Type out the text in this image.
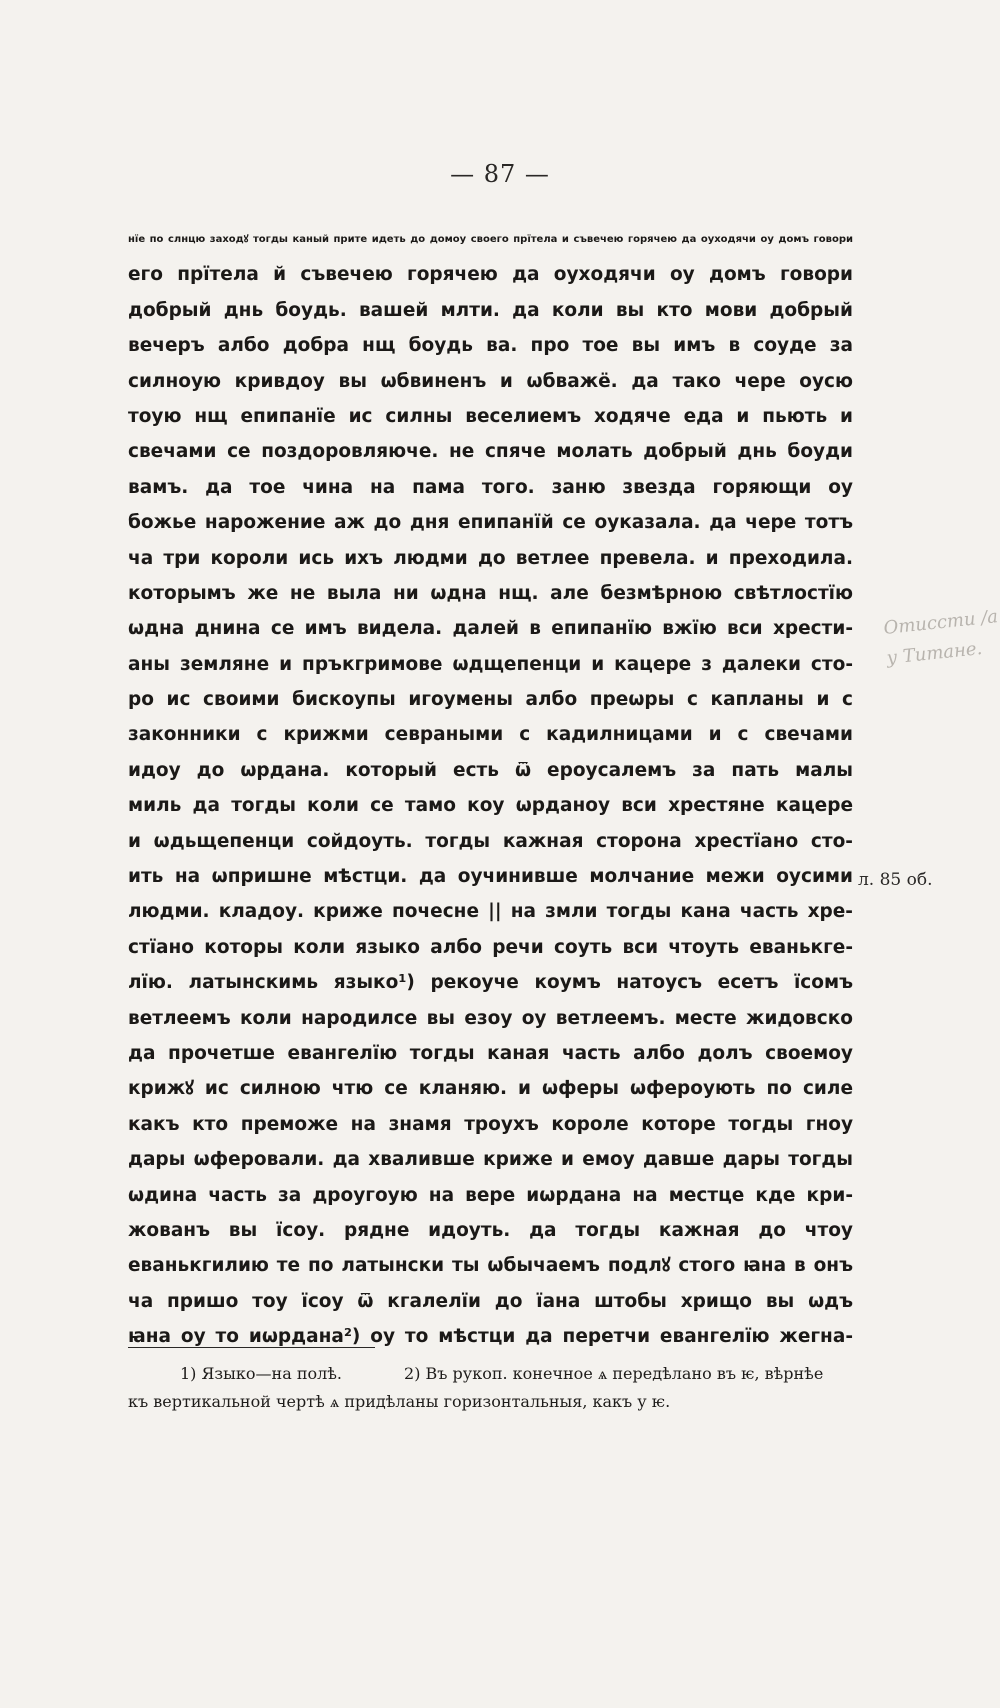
— 87 —
нїе по слнцю заходꙋ тогды каный прите идеть до домоу своего прїтела и съвечею горячею да оуходячи оу домъ говори
его прїтела й съвечею горячею да оуходячи оу домъ говори
добрый днь боудь. вашей млти. да коли вы кто мови добрый
вечеръ албо добра нщ боудь ва. про тое вы имъ в соуде за
силноую кривдоу вы ѡбвиненъ и ѡбважё. да тако чере оусю
тоую нщ епипанїе ис силны веселиемъ ходяче еда и пьють и
свечами се поздоровляюче. не спяче молать добрый днь боуди
вамъ. да тое чина на пама того. заню звезда горяющи оу
божье нарожение аж до дня епипанїй се оуказала. да чере тотъ
ча три короли ись ихъ людми до ветлее превела. и преходила.
которымъ же не выла ни ѡдна нщ. але безмѣрною свѣтлостїю
ѡдна днина се имъ видела. далей в епипанїю вжїю вси хрести-
аны земляне и пръкгримове ѡдщепенци и кацере з далеки сто-
ро ис своими бискоупы игоумены албо преѡры с капланы и с
законники с крижми севраными с кадилницами и с свечами
идоу до ѡрдана. который есть ѿ ероусалемъ за пать малы
миль да тогды коли се тамо коу ѡрданоу вси хрестяне кацере
и ѡдьщепенци сойдоуть. тогды кажная сторона хрестїано сто-
ить на ѡпришне мѣстци. да оучинивше молчание межи оусими
людми. кладоу. криже почесне || на змли тогды кана часть хре-
стїано которы коли языко албо речи соуть вси чтоуть еванькге-
лїю. латынскимь языко¹) рекоуче коумъ натоусъ есетъ їсомъ
ветлеемъ коли народилсе вы езоу оу ветлеемъ. месте жидовско
да прочетше евангелїю тогды каная часть албо долъ своемоу
крижꙋ ис силною чтю се кланяю. и ѡферы ѡфероують по силе
какъ кто преможе на знамя троухъ короле которе тогды гноу
дары ѡферовали. да хваливше криже и емоу давше дары тогды
ѡдина часть за дроугоую на вере иѡрдана на местце кде кри-
жованъ вы їсоу. рядне идоуть. да тогды кажная до чтоу
еванькгилию те по латынски ты ѡбычаемъ подлꙋ стого ꙗна в онъ
ча пришо тоу їсоу ѿ кгалелїи до їана штобы хрищо вы ѡдъ
ꙗна оу то иѡрдана²) оу то мѣстци да перетчи евангелїю жегна-
Отиссти /а
у Титане.
л. 85 об.
1) Языко—на полѣ.	2) Въ рукоп. конечное ѧ передѣлано въ ѥ, вѣрнѣе
къ вертикальной чертѣ ѧ придѣланы горизонтальныя, какъ у ѥ.
